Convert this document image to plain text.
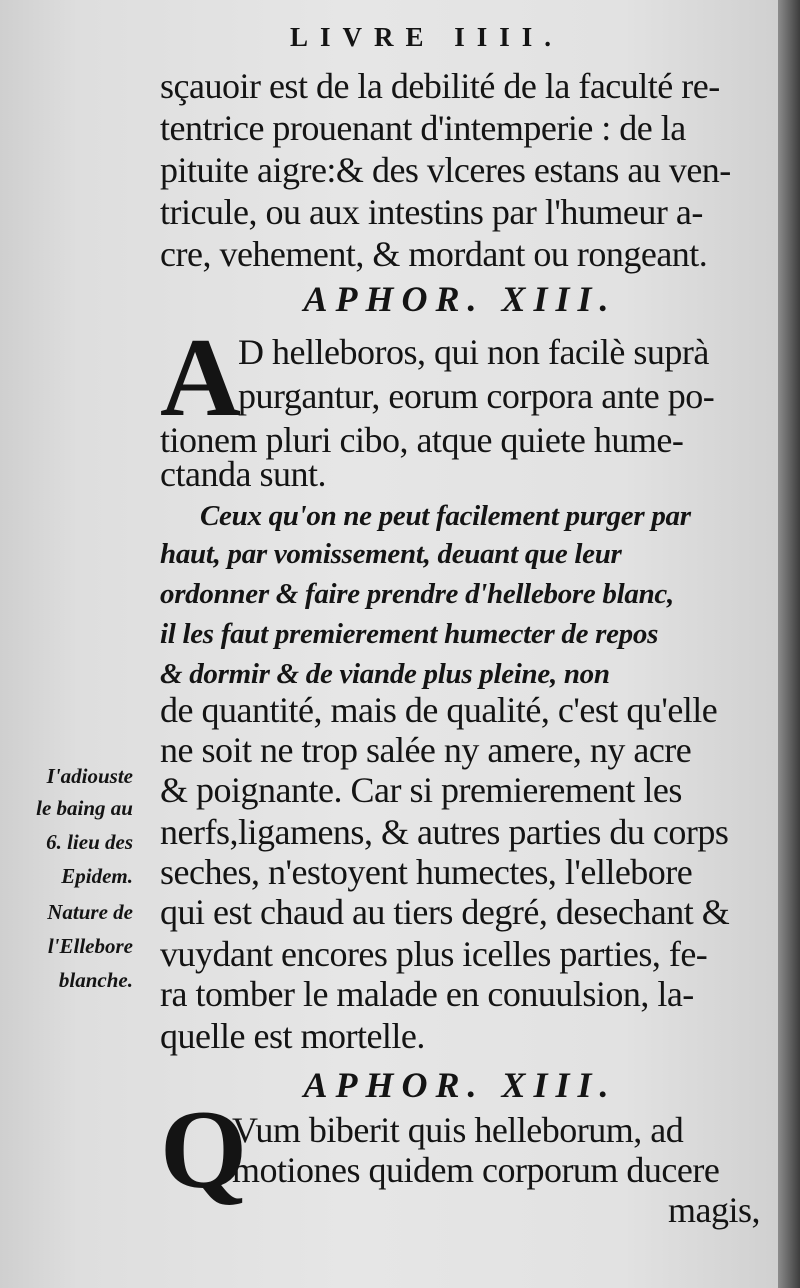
LIVRE IIII.
sçauoir est de la debilité de la faculté re-
tentrice prouenant d'intemperie : de la
pituite aigre:& des vlceres estans au ven-
tricule, ou aux intestins par l'humeur a-
cre, vehement, & mordant ou rongeant.
APHOR. XIII.
A
D helleboros, qui non facilè suprà
purgantur, eorum corpora ante po-
tionem pluri cibo, atque quiete hume-
ctanda sunt.
Ceux qu'on ne peut facilement purger par
haut, par vomissement, deuant que leur
ordonner & faire prendre d'hellebore blanc,
il les faut premierement humecter de repos
& dormir & de viande plus pleine, non
de quantité, mais de qualité, c'est qu'elle
ne soit ne trop salée ny amere, ny acre
& poignante. Car si premierement les
nerfs,ligamens, & autres parties du corps
seches, n'estoyent humectes, l'ellebore
qui est chaud au tiers degré, desechant &
vuydant encores plus icelles parties, fe-
ra tomber le malade en conuulsion, la-
quelle est mortelle.
I'adiouste
le baing au
6. lieu des
Epidem.
Nature de
l'Ellebore
blanche.
APHOR. XIII.
Q
Vum biberit quis helleborum, ad
motiones quidem corporum ducere
magis,
